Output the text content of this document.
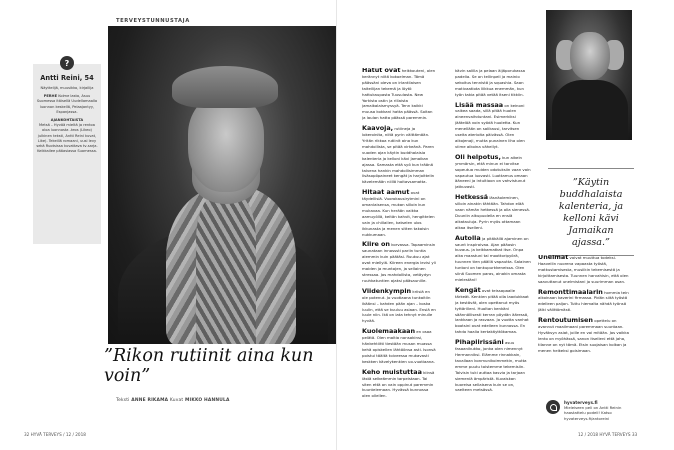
TERVEYSTUNNUSTAJA
?
Antti Reini, 54
Näyttelijä, muusikko, kirjailija
PERHE Kolme lasta, Asuu Suomessa itäisellä Uudellamaalla luonnon keskellä, Pelaajantyy, Espanjassa.
AJANKOHTAISTA
Metsä – Hyvää mieltä ja rentoa oloa luonnosta -teos (Likeo) julkinen teksti, Antti Reini kuvat, Like). Tekeillä romaani, uusi levy sekä Ruotsissa kuvattava tv-sarja. Keikkailee pääasiassa Suomessa.
”Rikon rutiinit aina kun voin”
Teksti ANNE RIKAMA Kuvat MIKKO HANNULA
32 HYVÄ TERVEYS / 12 / 2018	12 / 2018 HYVÄ TERVEYS 33

Hatut ovat heikkouteni, olen kerännyt niitä kokoelman. Tämä päässäni oleva on irlantilaisen taiteilijan tekemä ja löytö hattukaupasta Tuusulasta. New Yorkista ostin ja rillaista jamaikalaismyssyä. Tenn kaikki muusa kokkani hatta päässä. Soitan ja laulan hatta päässä paremmin.

Kaavoja, rutiineja ja lokeroinita, niitä pyrin välttämään. Yritän rikkoa rutiinit aina kun mahdollista, se pitää virkeänä. Paren vuoden ajan käytin buddhalaisia kalenteria ja kelloni kävi Jamaikan ajassa. Samasta että syö kun träänä talvena hankin mahdollisimman lisäsopöpaineet kengät ja harjoittelin kävelemään niillä hoitavsamatta.

Hitaat aamut ovat täydellisiä. Vuorokausirytmini on omanlaisensa, mukan silloin kun mukavaa. Kun herään vaikka aamuyöllä, keitän kahvit, hengittelen vain ja chillailen, katselen ulos ikkunasta ja menen sitten takaisin nukkumaan.

Kiire on korvassa. Tapaaminsin saunataan innosssti pariin tuntia aiemmin kuin päätäsi. Ruukuu ajat ovat miellyiä. Kiireen energia levisi yli maiden ja muntojen, ja sellainen stressaa. Jos mahdollista, vetäydyn ruuhkatuntien ajaksi pääsaunille.

Viidenkympin kriisiä en ole potenut. Jo vuotiaana tunkaitiin ikäänsi – kahden pään ajan – koska luulin, että se kuuluu asiaan. Ensiä en luule niin. Ikä on iata tehnyt minulle hyvää.

Kuolemaakaan en osaa pelätä. Olen maltia nonsakinsi, hänkehtiitti tiestään musan muassa kehä opiskellen lähtöönsa asti. Isonsä poistui täältä toiveessa mukavasti keskken kävelykenkien uo-vuotiaana.

Keho muistuttaa kiinsä iästä selkeämmin tarpeistaan. Tai siten että on vain oppinut paremmin kuuntelemaan. Hyvässä kunnossa olen ollellen.

kävin salilla ja pelaan äijäporukassa padelia. Se on tellinpeli ja mainio sekoitus tennistä ja squashia. Saan motivaatiota liikkua enemmän, kun työn takia pitää vetää itseni tikkiin.

Lisää massaa on keinoni vaikea saada, sillä pitää huolen aineenvaihduntani. Esimerkiksi jäätelöä voin syödä huoletta. Kun menellään on salikausi, tarvitsen useita aterioita päivässä. Olen aikojenaji, mutta punainen liha olen viime aikoina vähellyt.

Oli helpotus, kun aikein ymmärsin, että minun ei tarvitse sopeutua muiden odotuksiin vaan voin vapautua luovasti. Luottamus omaan ääneeni ja intuitioon on vahvistunut jatkuvasti.

Hetkessä läsnäoleminen, silloin ainakin tähtään. Tahdon elää vaan nämän hetkessä ja olla sienessä. Duuniin alkupuolella en ensiä aikatauluja. Pyrin myös ottamaan aikaa itselleni.

Autolla ja pitäkällä ajaminen on saunt inspiroivaa. Ajan pääosin kuvaus- ja keikkamatkat itse. Onpa aika maastuni tai moottoripyörä, tuunnen tien päällä vapautta. Salainen tuntoni on tankupurkkeneissa. Olen siinä Suomen paras, ainakin omasta mielestäni!

Kengät ovat teissapaalle tärkeät. Kenkien pitää olla laadukkaat ja kestävät, olen opettanut myös tyttärilleni. Huoltan kenkäni säännöllisesti kerran pöydän ääressä, lankkaan ja rasvaan. Jo vuotta vanhat bootsini ovat edelleen kunnossa. En tahdo haalia kertakäyttökamaa.

Pihapiirissäni asuu fasaanikukko, jonka olen nimennyt Hermanniksi. Elämme rinnakkain, tavallaan konmunikoimmekin, mutta emme puutu toistemme tekemisiin. Talvisin tuki auttaa kasvia ja tarjoan siemeniä ämpäristä. Kuvaiskan kuoreisa sellaisena kuin se on, vaelteen metsässä.

”Käytin buddhalaista kalenteria, ja kelloni kävi Jamaikan ajassa.”

Unelmat voivat muuttua todeksi. Haaveilin nuorena vapaasta työstä, matkustamisesta, musiikin tekemisestä ja kirjoittamisesta. Tuunnen harvahisin, että olen saavuttanut unelmistani jo suurimman osan.

Remonttimaalarin hommia tein aikoinaan kaverini firmassa. Pidän siitä työstä edelleen paljon. Tuttu hiemalta nähdä työnsä jälki välittömästi.

Rentoutumisen opettelu on avannut maailmaani paremmaan suuntaan. Hyväksyn asiat, joille en voi mitään. Jos vaikka lento on myöhässä, sanon itselleni että jaha, tilanne on nyt tämä. Etsin suojaisan kolkan ja menen heikeksi goisimaan.

hyvaterveys.fi
Mieleiseen peli on Antti Reinin haastattelu podeli! Katso hyvaterveys.fi/antoreini
